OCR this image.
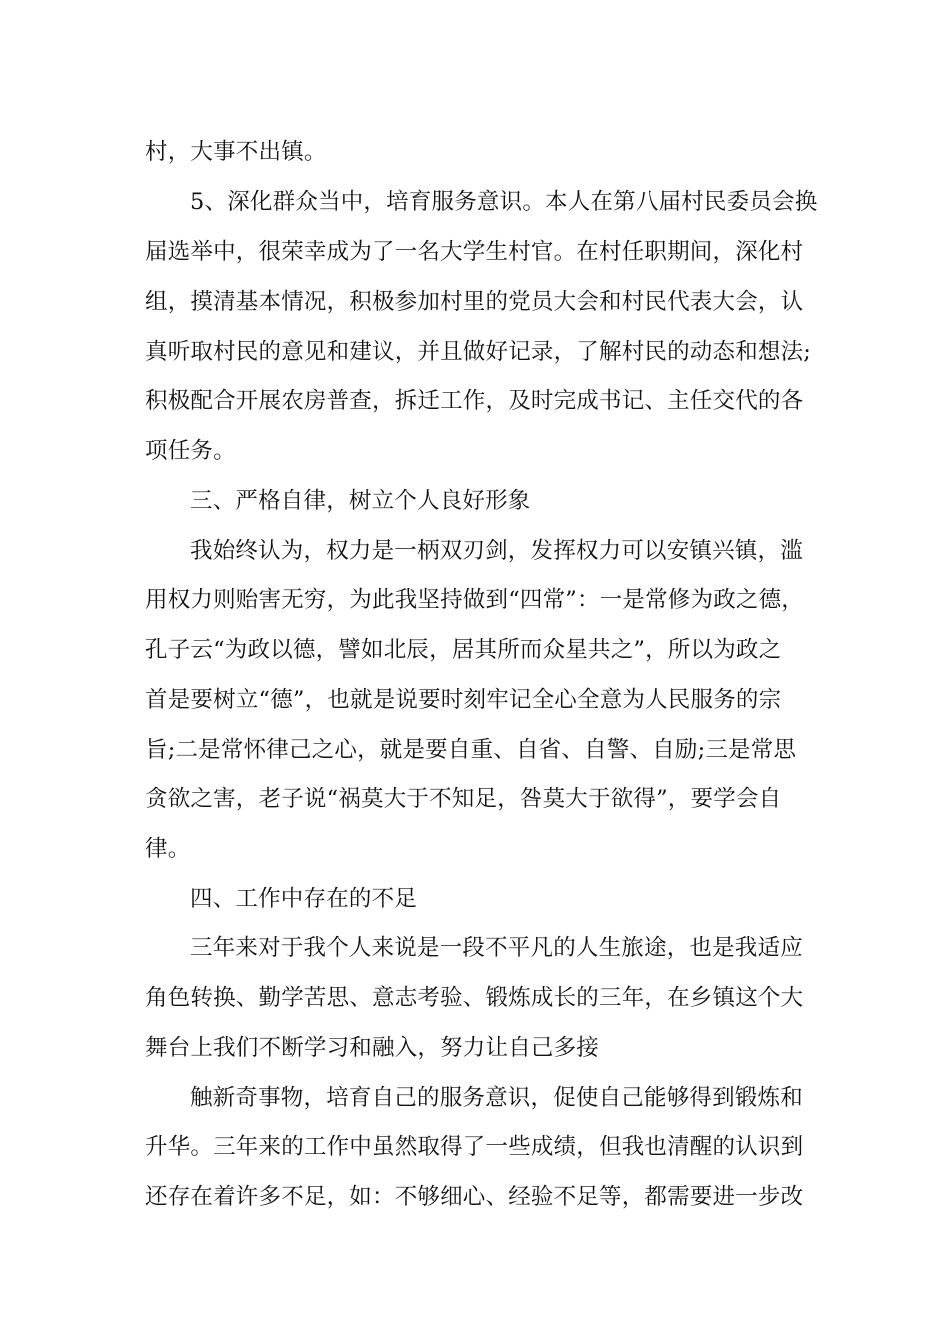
村，大事不出镇。
5、深化群众当中，培育服务意识。本人在第八届村民委员会换
届选举中，很荣幸成为了一名大学生村官。在村任职期间，深化村
组，摸清基本情况，积极参加村里的党员大会和村民代表大会，认
真听取村民的意见和建议，并且做好记录，了解村民的动态和想法;
积极配合开展农房普查，拆迁工作，及时完成书记、主任交代的各
项任务。
三、严格自律，树立个人良好形象
我始终认为，权力是一柄双刃剑，发挥权力可以安镇兴镇，滥
用权力则贻害无穷，为此我坚持做到“四常”：一是常修为政之德，
孔子云“为政以德，譬如北辰，居其所而众星共之”，所以为政之
首是要树立“德”，也就是说要时刻牢记全心全意为人民服务的宗
旨;二是常怀律己之心，就是要自重、自省、自警、自励;三是常思
贪欲之害，老子说“祸莫大于不知足，咎莫大于欲得”，要学会自
律。
四、工作中存在的不足
三年来对于我个人来说是一段不平凡的人生旅途，也是我适应
角色转换、勤学苦思、意志考验、锻炼成长的三年，在乡镇这个大
舞台上我们不断学习和融入，努力让自己多接
触新奇事物，培育自己的服务意识，促使自己能够得到锻炼和
升华。三年来的工作中虽然取得了一些成绩，但我也清醒的认识到
还存在着许多不足，如：不够细心、经验不足等，都需要进一步改
